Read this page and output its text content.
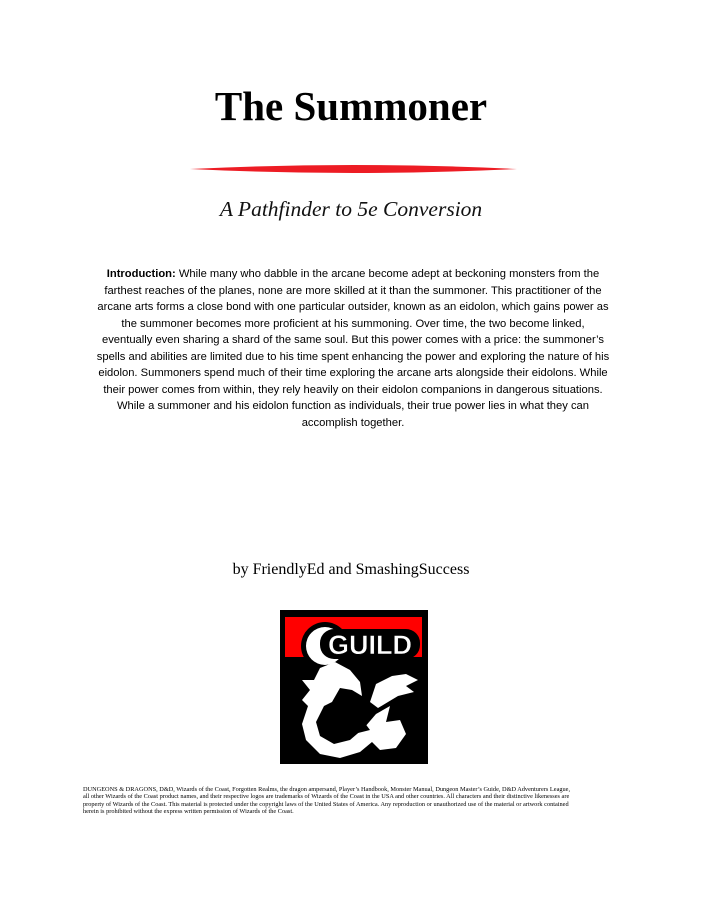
The Summoner
A Pathfinder to 5e Conversion
Introduction: While many who dabble in the arcane become adept at beckoning monsters from the
farthest reaches of the planes, none are more skilled at it than the summoner. This practitioner of the
arcane arts forms a close bond with one particular outsider, known as an eidolon, which gains power as
the summoner becomes more proficient at his summoning. Over time, the two become linked,
eventually even sharing a shard of the same soul. But this power comes with a price: the summoner’s
spells and abilities are limited due to his time spent enhancing the power and exploring the nature of his
eidolon. Summoners spend much of their time exploring the arcane arts alongside their eidolons. While
their power comes from within, they rely heavily on their eidolon companions in dangerous situations.
While a summoner and his eidolon function as individuals, their true power lies in what they can
accomplish together.
by FriendlyEd and SmashingSuccess
GUILD
DUNGEONS & DRAGONS, D&D, Wizards of the Coast, Forgotten Realms, the dragon ampersand, Player’s Handbook, Monster Manual, Dungeon Master’s Guide, D&D Adventurers League,
all other Wizards of the Coast product names, and their respective logos are trademarks of Wizards of the Coast in the USA and other countries. All characters and their distinctive likenesses are
property of Wizards of the Coast. This material is protected under the copyright laws of the United States of America. Any reproduction or unauthorized use of the material or artwork contained
herein is prohibited without the express written permission of Wizards of the Coast.
